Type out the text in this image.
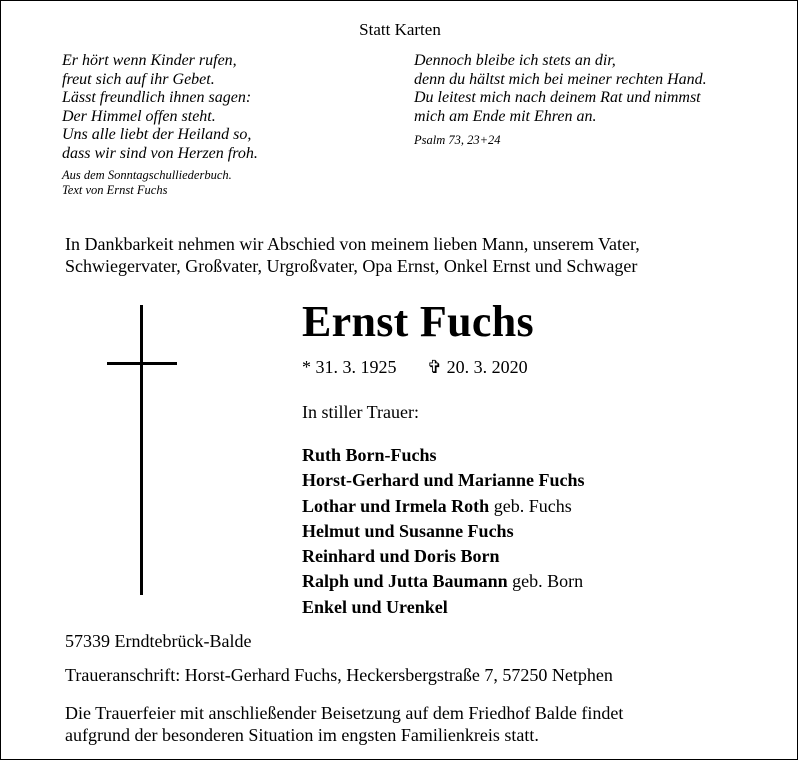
Statt Karten
Er hört wenn Kinder rufen,
freut sich auf ihr Gebet.
Lässt freundlich ihnen sagen:
Der Himmel offen steht.
Uns alle liebt der Heiland so,
dass wir sind von Herzen froh.
Aus dem Sonntagschulliederbuch.
Text von Ernst Fuchs
Dennoch bleibe ich stets an dir,
denn du hältst mich bei meiner rechten Hand.
Du leitest mich nach deinem Rat und nimmst
mich am Ende mit Ehren an.
Psalm 73, 23+24
In Dankbarkeit nehmen wir Abschied von meinem lieben Mann, unserem Vater,
Schwiegervater, Großvater, Urgroßvater, Opa Ernst, Onkel Ernst und Schwager
Ernst Fuchs
* 31. 3. 1925 ✞ 20. 3. 2020
In stiller Trauer:
Ruth Born-Fuchs
Horst-Gerhard und Marianne Fuchs
Lothar und Irmela Roth geb. Fuchs
Helmut und Susanne Fuchs
Reinhard und Doris Born
Ralph und Jutta Baumann geb. Born
Enkel und Urenkel
57339 Erndtebrück-Balde
Traueranschrift: Horst-Gerhard Fuchs, Heckersbergstraße 7, 57250 Netphen
Die Trauerfeier mit anschließender Beisetzung auf dem Friedhof Balde findet
aufgrund der besonderen Situation im engsten Familienkreis statt.
